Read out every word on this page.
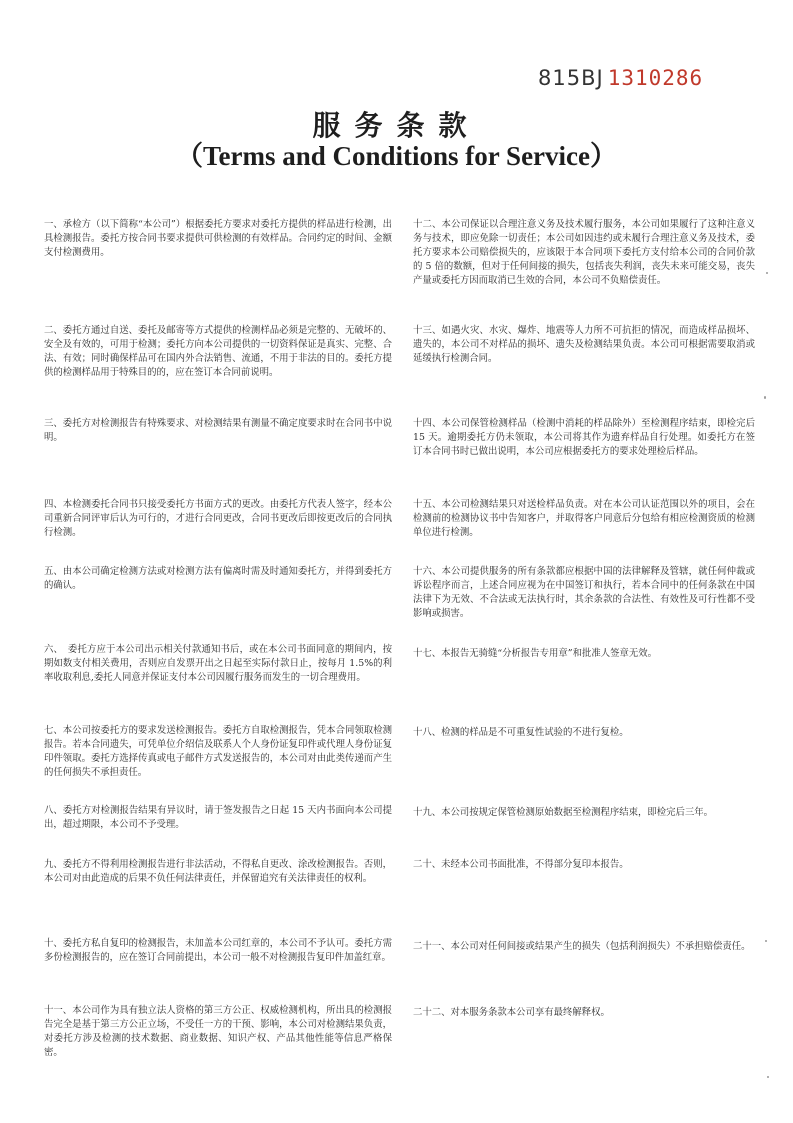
815BJ 1310286
服务条款
（Terms and Conditions for Service）
一、承检方（以下简称“本公司”）根据委托方要求对委托方提供的样品进行检测，出具检测报告。委托方按合同书要求提供可供检测的有效样品。合同约定的时间、金额支付检测费用。
二、委托方通过自送、委托及邮寄等方式提供的检测样品必须是完整的、无破坏的、安全及有效的，可用于检测；委托方向本公司提供的一切资料保证是真实、完整、合法、有效；同时确保样品可在国内外合法销售、流通，不用于非法的目的。委托方提供的检测样品用于特殊目的的，应在签订本合同前说明。
三、委托方对检测报告有特殊要求、对检测结果有测量不确定度要求时在合同书中说明。
四、本检测委托合同书只接受委托方书面方式的更改。由委托方代表人签字，经本公司重新合同评审后认为可行的，才进行合同更改，合同书更改后即按更改后的合同执行检测。
五、由本公司确定检测方法或对检测方法有偏离时需及时通知委托方，并得到委托方的确认。
六、　委托方应于本公司出示相关付款通知书后，或在本公司书面同意的期间内，按期如数支付相关费用，否则应自发票开出之日起至实际付款日止，按每月 1.5%的利率收取利息,委托人同意并保证支付本公司因履行服务而发生的一切合理费用。
七、本公司按委托方的要求发送检测报告。委托方自取检测报告，凭本合同领取检测报告。若本合同遗失，可凭单位介绍信及联系人个人身份证复印件或代理人身份证复印件领取。委托方选择传真或电子邮件方式发送报告的，本公司对由此类传递而产生的任何损失不承担责任。
八、委托方对检测报告结果有异议时，请于签发报告之日起 15 天内书面向本公司提出，超过期限，本公司不予受理。
九、委托方不得利用检测报告进行非法活动，不得私自更改、涂改检测报告。否则，本公司对由此造成的后果不负任何法律责任，并保留追究有关法律责任的权利。
十、委托方私自复印的检测报告，未加盖本公司红章的，本公司不予认可。委托方需多份检测报告的，应在签订合同前提出，本公司一般不对检测报告复印件加盖红章。
十一、本公司作为具有独立法人资格的第三方公正、权威检测机构，所出具的检测报告完全是基于第三方公正立场，不受任一方的干预、影响，本公司对检测结果负责，对委托方涉及检测的技术数据、商业数据、知识产权、产品其他性能等信息严格保密。
十二、本公司保证以合理注意义务及技术履行服务，本公司如果履行了这种注意义务与技术，即应免除一切责任；本公司如因违约或未履行合理注意义务及技术，委托方要求本公司赔偿损失的，应该限于本合同项下委托方支付给本公司的合同价款的 5 倍的数额，但对于任何间接的损失，包括丧失利润，丧失未来可能交易，丧失产量或委托方因而取消已生效的合同，本公司不负赔偿责任。
十三、如遇火灾、水灾、爆炸、地震等人力所不可抗拒的情况，而造成样品损坏、遗失的，本公司不对样品的损坏、遗失及检测结果负责。本公司可根据需要取消或延缓执行检测合同。
十四、本公司保管检测样品（检测中消耗的样品除外）至检测程序结束，即检完后 15 天。逾期委托方仍未领取，本公司将其作为遗弃样品自行处理。如委托方在签订本合同书时已做出说明，本公司应根据委托方的要求处理检后样品。
十五、本公司检测结果只对送检样品负责。对在本公司认证范围以外的项目，会在检测前的检测协议书中告知客户，并取得客户同意后分包给有相应检测资质的检测单位进行检测。
十六、本公司提供服务的所有条款都应根据中国的法律解释及管辖，就任何仲裁或诉讼程序而言，上述合同应视为在中国签订和执行，若本合同中的任何条款在中国法律下为无效、不合法或无法执行时，其余条款的合法性、有效性及可行性都不受影响或损害。
十七、本报告无骑缝“分析报告专用章”和批准人签章无效。
十八、检测的样品是不可重复性试验的不进行复检。
十九、本公司按规定保管检测原始数据至检测程序结束，即检完后三年。
二十、未经本公司书面批准，不得部分复印本报告。
二十一、本公司对任何间接或结果产生的损失（包括利润损失）不承担赔偿责任。
二十二、对本服务条款本公司享有最终解释权。
